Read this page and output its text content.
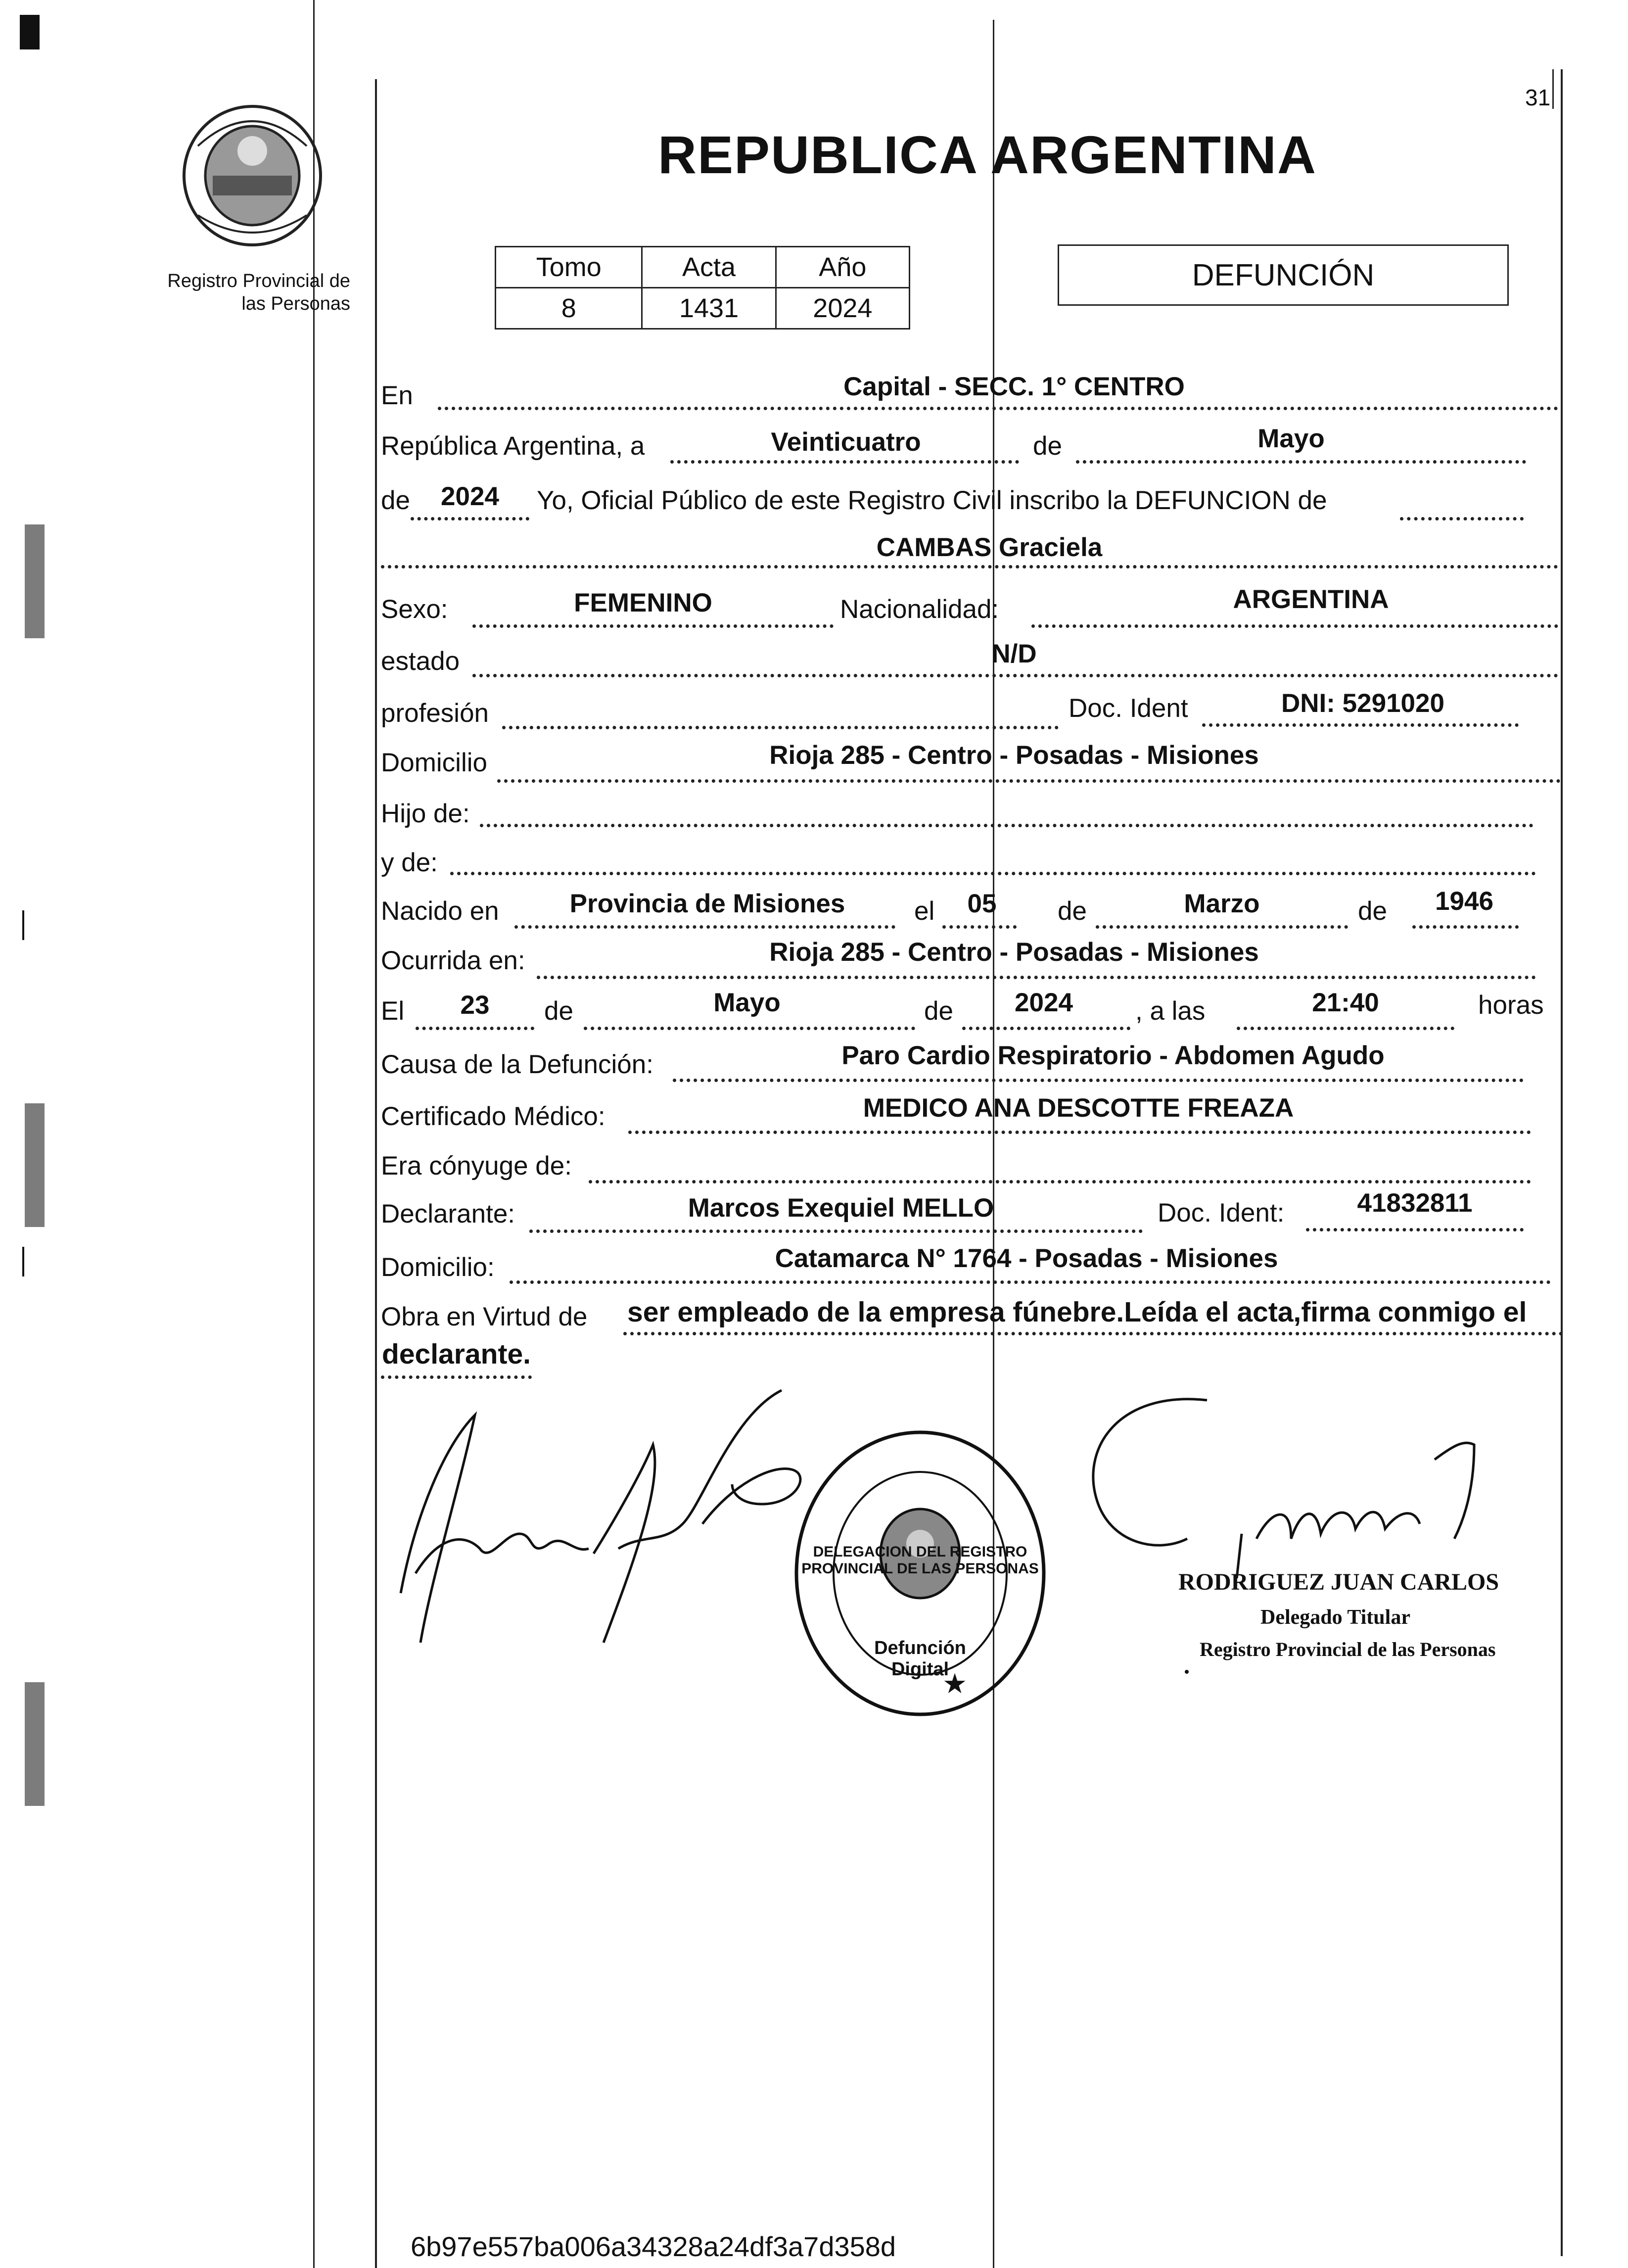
31
Registro Provincial de las Personas
REPUBLICA ARGENTINA
Tomo	Acta	Año
8	1431	2024
DEFUNCIÓN
En	Capital - SECC. 1° CENTRO
República Argentina, a	Veinticuatro	de	Mayo
de	2024	Yo, Oficial Público de este Registro Civil inscribo la DEFUNCION de
CAMBAS Graciela
Sexo:	FEMENINO	Nacionalidad:	ARGENTINA
estado	N/D
profesión	Doc. Ident	DNI: 5291020
Domicilio	Rioja 285 - Centro - Posadas - Misiones
Hijo de:
y de:
Nacido en	Provincia de Misiones	el	05	de	Marzo	de	1946
Ocurrida en:	Rioja 285 - Centro - Posadas - Misiones
El	23	de	Mayo	de	2024	, a las	21:40	horas
Causa de la Defunción:	Paro Cardio Respiratorio - Abdomen Agudo
Certificado Médico:	MEDICO ANA DESCOTTE FREAZA
Era cónyuge de:
Declarante:	Marcos Exequiel MELLO	Doc. Ident:	41832811
Domicilio:	Catamarca N° 1764 - Posadas - Misiones
Obra en Virtud de ser empleado de la empresa fúnebre.Leída el acta,firma conmigo el
declarante.
DELEGACION DEL REGISTRO PROVINCIAL DE LAS PERSONAS
Defunción Digital
★
RODRIGUEZ JUAN CARLOS
Delegado Titular
Registro Provincial de las Personas
6b97e557ba006a34328a24df3a7d358d
